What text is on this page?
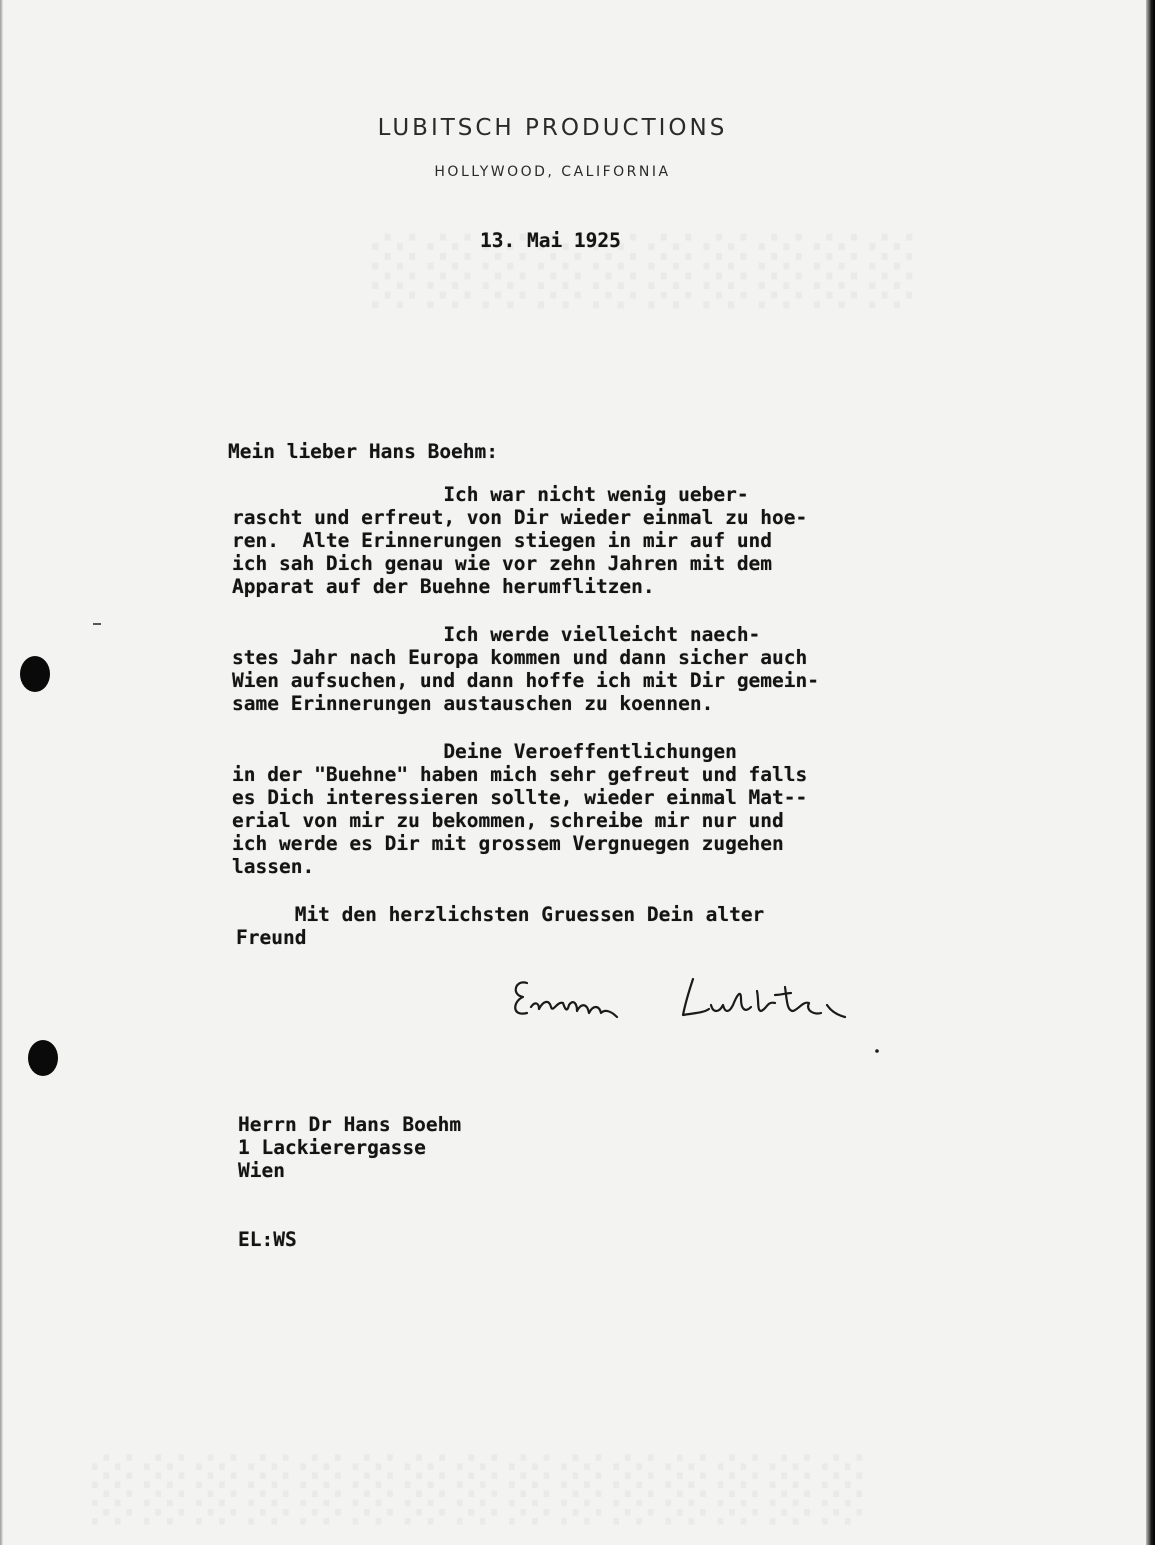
LUBITSCH PRODUCTIONS
HOLLYWOOD, CALIFORNIA
13. Mai 1925
Mein lieber Hans Boehm:
Ich war nicht wenig ueber-
rascht und erfreut, von Dir wieder einmal zu hoe-
ren.  Alte Erinnerungen stiegen in mir auf und
ich sah Dich genau wie vor zehn Jahren mit dem
Apparat auf der Buehne herumflitzen.
Ich werde vielleicht naech-
stes Jahr nach Europa kommen und dann sicher auch
Wien aufsuchen, und dann hoffe ich mit Dir gemein-
same Erinnerungen austauschen zu koennen.
Deine Veroeffentlichungen
in der "Buehne" haben mich sehr gefreut und falls
es Dich interessieren sollte, wieder einmal Mat--
erial von mir zu bekommen, schreibe mir nur und
ich werde es Dir mit grossem Vergnuegen zugehen
lassen.
Mit den herzlichsten Gruessen Dein alter
Freund
Herrn Dr Hans Boehm
1 Lackierergasse
Wien
EL:WS
